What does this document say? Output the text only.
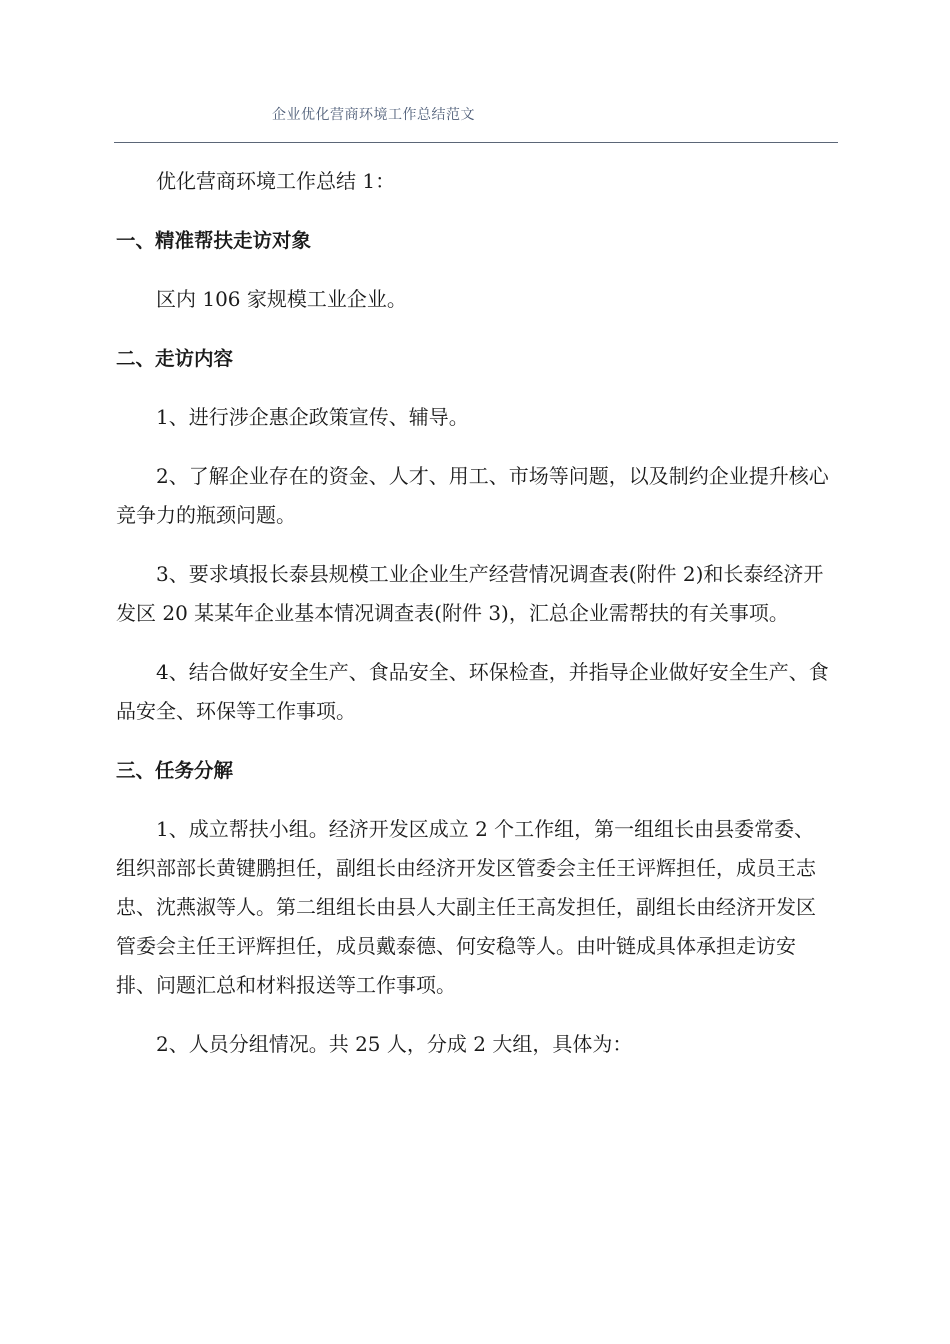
企业优化营商环境工作总结范文

优化营商环境工作总结 1：

一、精准帮扶走访对象

区内 106 家规模工业企业。

二、走访内容

1、进行涉企惠企政策宣传、辅导。

2、了解企业存在的资金、人才、用工、市场等问题，以及制约企业提升核心竞争力的瓶颈问题。

3、要求填报长泰县规模工业企业生产经营情况调查表(附件 2)和长泰经济开发区 20 某某年企业基本情况调查表(附件 3)，汇总企业需帮扶的有关事项。

4、结合做好安全生产、食品安全、环保检查，并指导企业做好安全生产、食品安全、环保等工作事项。

三、任务分解

1、成立帮扶小组。经济开发区成立 2 个工作组，第一组组长由县委常委、组织部部长黄键鹏担任，副组长由经济开发区管委会主任王评辉担任，成员王志忠、沈燕淑等人。第二组组长由县人大副主任王高发担任，副组长由经济开发区管委会主任王评辉担任，成员戴泰德、何安稳等人。由叶链成具体承担走访安排、问题汇总和材料报送等工作事项。

2、人员分组情况。共 25 人，分成 2 大组，具体为：
